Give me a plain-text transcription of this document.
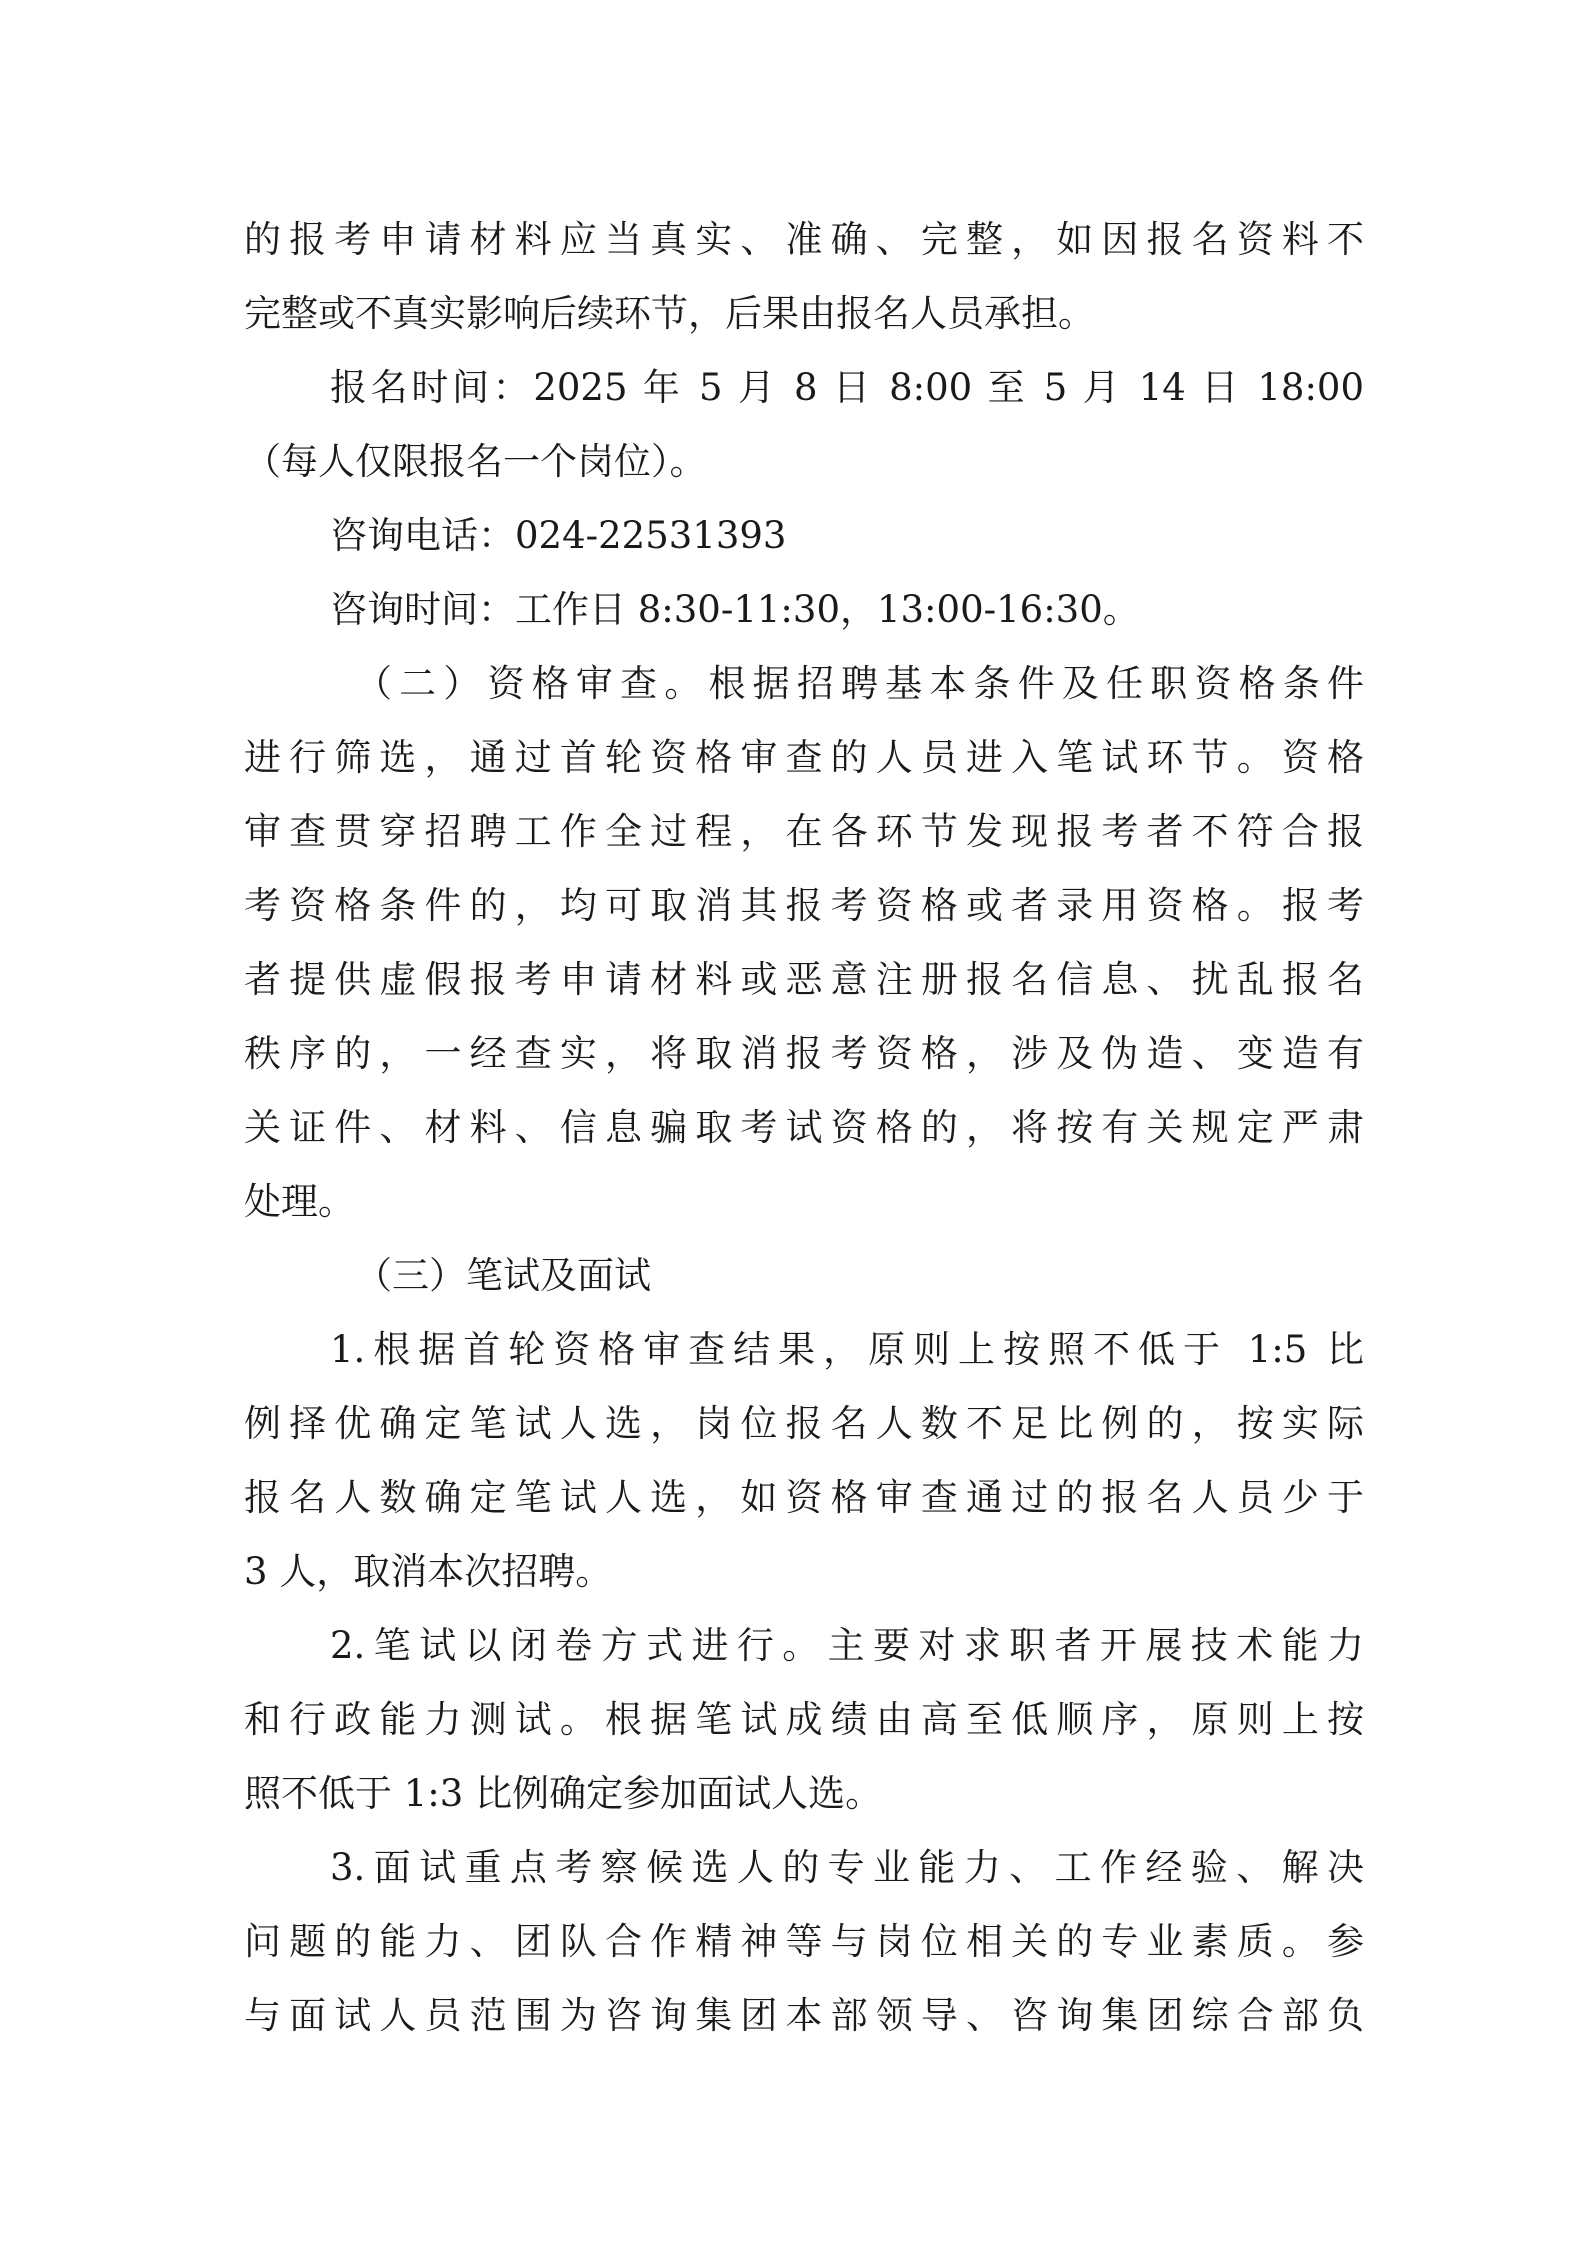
的报考申请材料应当真实、准确、完整，如因报名资料不
完整或不真实影响后续环节，后果由报名人员承担。
报名时间：2025 年 5 月 8 日 8:00 至 5 月 14 日 18:00
（每人仅限报名一个岗位）。
咨询电话：024-22531393
咨询时间：工作日 8:30-11:30，13:00-16:30。
（二）资格审查。根据招聘基本条件及任职资格条件
进行筛选，通过首轮资格审查的人员进入笔试环节。资格
审查贯穿招聘工作全过程，在各环节发现报考者不符合报
考资格条件的，均可取消其报考资格或者录用资格。报考
者提供虚假报考申请材料或恶意注册报名信息、扰乱报名
秩序的，一经查实，将取消报考资格，涉及伪造、变造有
关证件、材料、信息骗取考试资格的，将按有关规定严肃
处理。
（三）笔试及面试
1.根据首轮资格审查结果，原则上按照不低于 1:5 比
例择优确定笔试人选，岗位报名人数不足比例的，按实际
报名人数确定笔试人选，如资格审查通过的报名人员少于
3 人，取消本次招聘。
2.笔试以闭卷方式进行。主要对求职者开展技术能力
和行政能力测试。根据笔试成绩由高至低顺序，原则上按
照不低于 1:3 比例确定参加面试人选。
3.面试重点考察候选人的专业能力、工作经验、解决
问题的能力、团队合作精神等与岗位相关的专业素质。参
与面试人员范围为咨询集团本部领导、咨询集团综合部负
